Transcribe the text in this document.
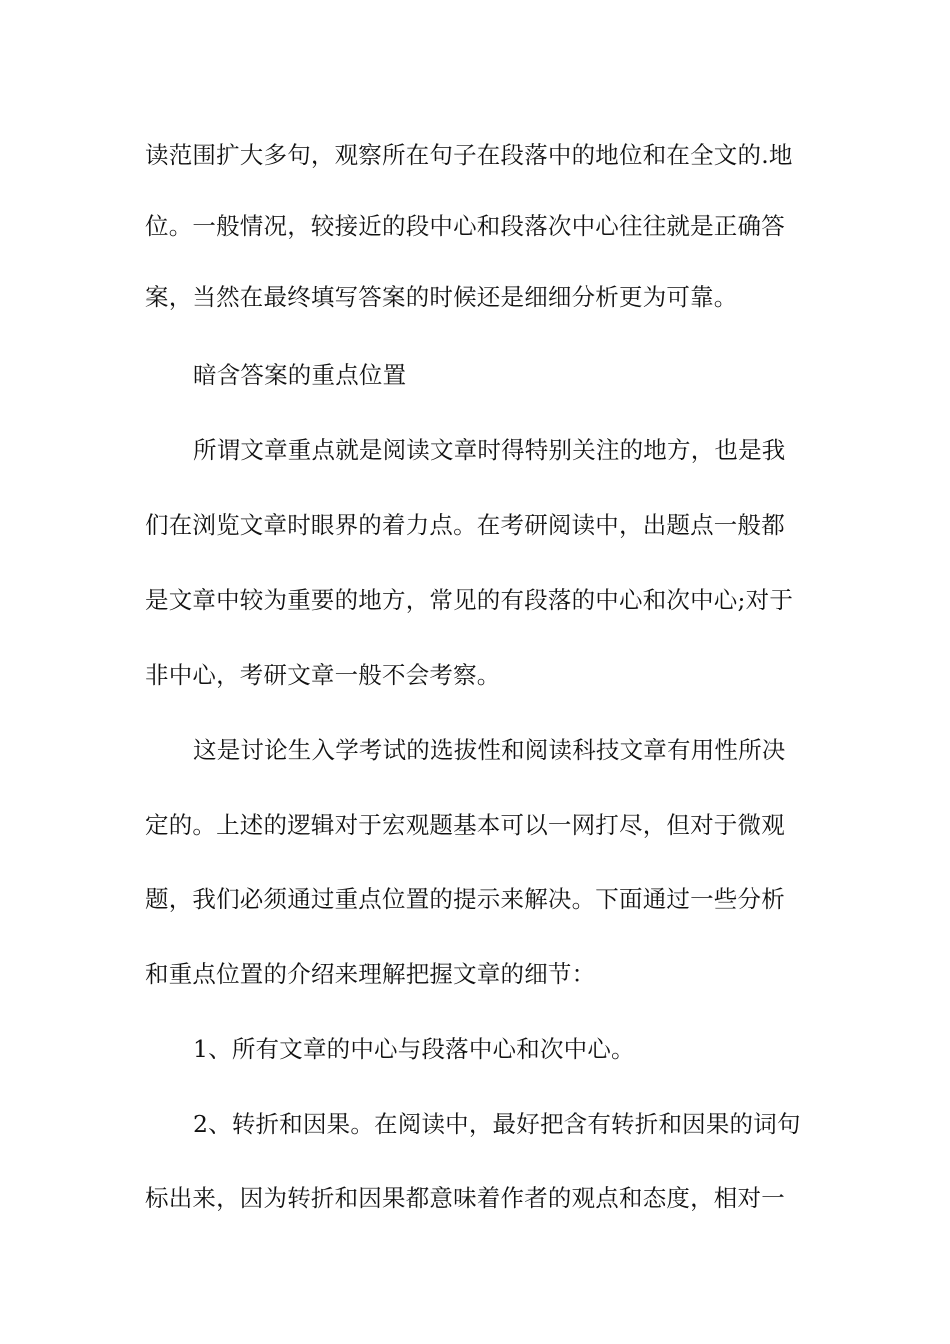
读范围扩大多句，观察所在句子在段落中的地位和在全文的.地
位。一般情况，较接近的段中心和段落次中心往往就是正确答
案，当然在最终填写答案的时候还是细细分析更为可靠。
暗含答案的重点位置
所谓文章重点就是阅读文章时得特别关注的地方，也是我
们在浏览文章时眼界的着力点。在考研阅读中，出题点一般都
是文章中较为重要的地方，常见的有段落的中心和次中心;对于
非中心，考研文章一般不会考察。
这是讨论生入学考试的选拔性和阅读科技文章有用性所决
定的。上述的逻辑对于宏观题基本可以一网打尽，但对于微观
题，我们必须通过重点位置的提示来解决。下面通过一些分析
和重点位置的介绍来理解把握文章的细节：
1、所有文章的中心与段落中心和次中心。
2、转折和因果。在阅读中，最好把含有转折和因果的词句
标出来，因为转折和因果都意味着作者的观点和态度，相对一
